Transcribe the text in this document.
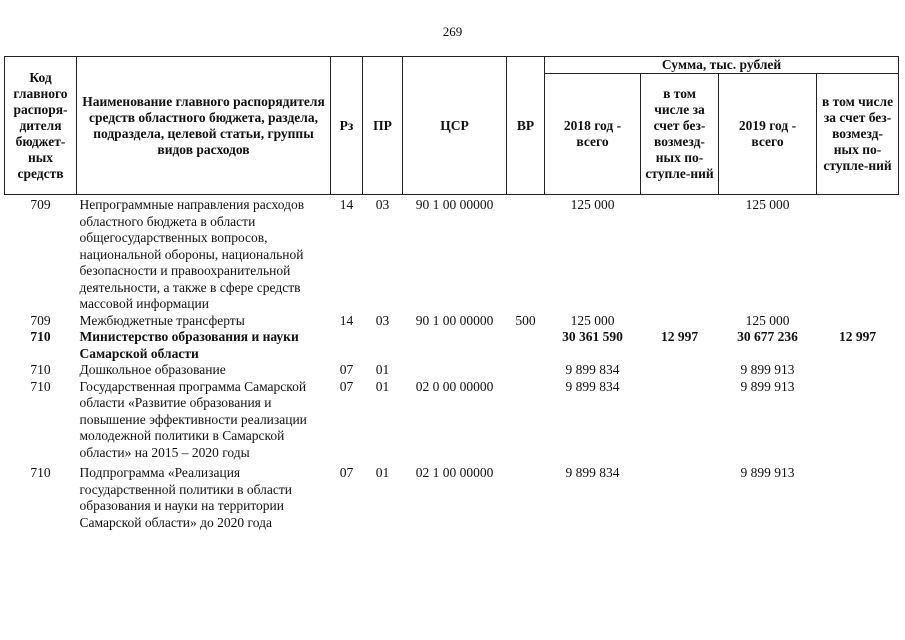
269
Код главного распоря-дителя бюджет-ных средств	Наименование главного распорядителя средств областного бюджета, раздела, подраздела, целевой статьи, группы видов расходов	Рз	ПР	ЦСР	ВР	Сумма, тыс. рублей			
						2018 год - всего	в том числе за счет без-возмезд-ных по-ступле-ний	2019 год - всего	в том числе за счет без-возмезд-ных по-ступле-ний
709	Непрограммные направления расходов областного бюджета в области общегосударственных вопросов, национальной обороны, национальной безопасности и правоохранительной деятельности, а также в сфере средств массовой информации	14	03	90 1 00 00000		125 000		125 000	
709	Межбюджетные трансферты	14	03	90 1 00 00000	500	125 000		125 000	
710	Министерство образования и науки Самарской области					30 361 590	12 997	30 677 236	12 997
710	Дошкольное образование	07	01			9 899 834		9 899 913	
710	Государственная программа Самарской области «Развитие образования и повышение эффективности реализации молодежной политики в Самарской области» на 2015 – 2020 годы	07	01	02 0 00 00000		9 899 834		9 899 913	
710	Подпрограмма «Реализация государственной политики в области образования и науки на территории Самарской области» до 2020 года	07	01	02 1 00 00000		9 899 834		9 899 913	
